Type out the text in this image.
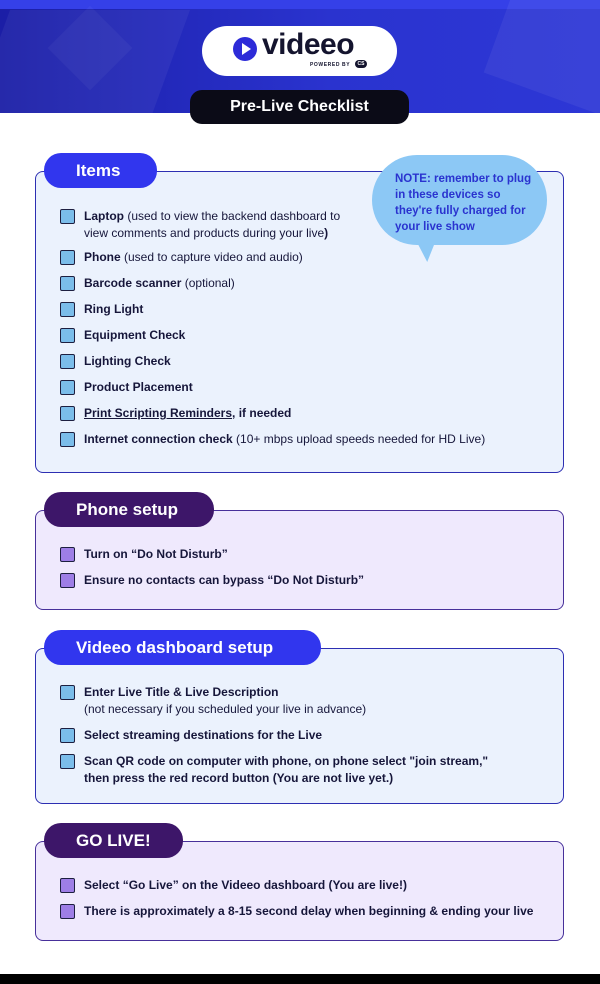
videeo
POWERED BY	CS
Pre-Live Checklist
Items
Laptop (used to view the backend dashboard to
view comments and products during your live)
Phone (used to capture video and audio)
Barcode scanner (optional)
Ring Light
Equipment Check
Lighting Check
Product Placement
Print Scripting Reminders, if needed
Internet connection check (10+ mbps upload speeds needed for HD Live)
NOTE: remember to plug in these devices so they're fully charged for your live show
Phone setup
Turn on “Do Not Disturb”
Ensure no contacts can bypass “Do Not Disturb”
Videeo dashboard setup
Enter Live Title & Live Description
(not necessary if you scheduled your live in advance)
Select streaming destinations for the Live
Scan QR code on computer with phone, on phone select "join stream,"
then press the red record button (You are not live yet.)
GO LIVE!
Select “Go Live” on the Videeo dashboard (You are live!)
There is approximately a 8-15 second delay when beginning & ending your live
